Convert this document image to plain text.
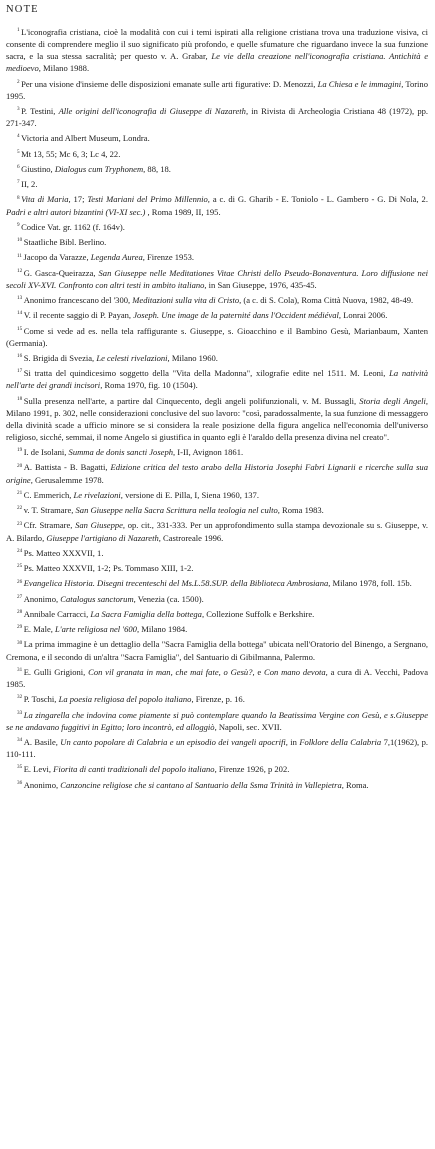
NOTE
$^1$ L'iconografia cristiana, cioè la modalità con cui i temi ispirati alla religione cristiana trova una traduzione visiva, ci consente di comprendere meglio il suo significato più profondo, e quelle sfumature che riguardano invece la sua funzione sacra, e la sua stessa sacralità; per questo v. A. Grabar, Le vie della creazione nell'iconografia cristiana. Antichità e medioevo, Milano 1988.
$^2$ Per una visione d'insieme delle disposizioni emanate sulle arti figurative: D. Menozzi, La Chiesa e le immagini, Torino 1995.
$^3$ P. Testini, Alle origini dell'iconografia di Giuseppe di Nazareth, in Rivista di Archeologia Cristiana 48 (1972), pp. 271-347.
$^4$ Victoria and Albert Museum, Londra.
$^5$ Mt 13, 55; Mc 6, 3; Lc 4, 22.
$^6$ Giustino, Dialogus cum Tryphonem, 88, 18.
$^7$ II, 2.
$^8$ Vita di Maria, 17; Testi Mariani del Primo Millennio, a c. di G. Gharib - E. Toniolo - L. Gambero - G. Di Nola, 2. Padri e altri autori bizantini (VI-XI sec.) , Roma 1989, II, 195.
$^9$ Codice Vat. gr. 1162 (f. 164v).
$^{10}$ Staatliche Bibl. Berlino.
$^{11}$ Jacopo da Varazze, Legenda Aurea, Firenze 1953.
$^{12}$ G. Gasca-Queirazza, San Giuseppe nelle Meditationes Vitae Christi dello Pseudo-Bonaventura. Loro diffusione nei secoli XV-XVI. Confronto con altri testi in ambito italiano, in San Giuseppe, 1976, 435-45.
$^{13}$ Anonimo francescano del '300, Meditazioni sulla vita di Cristo, (a c. di S. Cola), Roma Città Nuova, 1982, 48-49.
$^{14}$ V. il recente saggio di P. Payan, Joseph. Une image de la paternité dans l'Occident médiéval, Lonrai 2006.
$^{15}$ Come si vede ad es. nella tela raffigurante s. Giuseppe, s. Gioacchino e il Bambino Gesù, Marianbaum, Xanten (Germania).
$^{16}$ S. Brigida di Svezia, Le celesti rivelazioni, Milano 1960.
$^{17}$ Si tratta del quindicesimo soggetto della "Vita della Madonna", xilografie edite nel 1511. M. Leoni, La natività nell'arte dei grandi incisori, Roma 1970, fig. 10 (1504).
$^{18}$ Sulla presenza nell'arte, a partire dal Cinquecento, degli angeli polifunzionali, v. M. Bussagli, Storia degli Angeli, Milano 1991, p. 302, nelle considerazioni conclusive del suo lavoro: "così, paradossalmente, la sua funzione di messaggero della divinità scade a ufficio minore se si considera la reale posizione della figura angelica nell'economia dell'universo religioso, sicché, semmai, il nome Angelo si giustifica in quanto egli è l'araldo della presenza divina nel creato".
$^{19}$ I. de Isolani, Summa de donis sancti Joseph, I-II, Avignon 1861.
$^{20}$ A. Battista - B. Bagatti, Edizione critica del testo arabo della Historia Josephi Fabri Lignarii e ricerche sulla sua origine, Gerusalemme 1978.
$^{21}$ C. Emmerich, Le rivelazioni, versione di E. Pilla, I, Siena 1960, 137.
$^{22}$ v. T. Stramare, San Giuseppe nella Sacra Scrittura nella teologia nel culto, Roma 1983.
$^{23}$ Cfr. Stramare, San Giuseppe, op. cit., 331-333. Per un approfondimento sulla stampa devozionale su s. Giuseppe, v. A. Bilardo, Giuseppe l'artigiano di Nazareth, Castroreale 1996.
$^{24}$ Ps. Matteo XXXVII, 1.
$^{25}$ Ps. Matteo XXXVII, 1-2; Ps. Tommaso XIII, 1-2.
$^{26}$ Evangelica Historia. Disegni trecenteschi del Ms.L.58.SUP. della Biblioteca Ambrosiana, Milano 1978, foll. 15b.
$^{27}$ Anonimo, Catalogus sanctorum, Venezia (ca. 1500).
$^{28}$ Annibale Carracci, La Sacra Famiglia della bottega, Collezione Suffolk e Berkshire.
$^{29}$ E. Male, L'arte religiosa nel '600, Milano 1984.
$^{30}$ La prima immagine è un dettaglio della "Sacra Famiglia della bottega" ubicata nell'Oratorio del Binengo, a Sergnano, Cremona, e il secondo di un'altra "Sacra Famiglia", del Santuario di Gibilmanna, Palermo.
$^{31}$ E. Gulli Grigioni, Con vil granata in man, che mai fate, o Gesù?, e Con mano devota, a cura di A. Vecchi, Padova 1985.
$^{32}$ P. Toschi, La poesia religiosa del popolo italiano, Firenze, p. 16.
$^{33}$ La zingarella che indovina come piamente si può contemplare quando la Beatissima Vergine con Gesù, e s.Giuseppe se ne andavano fuggitivi in Egitto; loro incontrò, ed alloggiò, Napoli, sec. XVII.
$^{34}$ A. Basile, Un canto popolare di Calabria e un episodio dei vangeli apocrifi, in Folklore della Calabria 7,1(1962), p. 110-111.
$^{35}$ E. Levi, Fiorita di canti tradizionali del popolo italiano, Firenze 1926, p 202.
$^{36}$ Anonimo, Canzoncine religiose che si cantano al Santuario della Ssma Trinità in Vallepietra, Roma.
